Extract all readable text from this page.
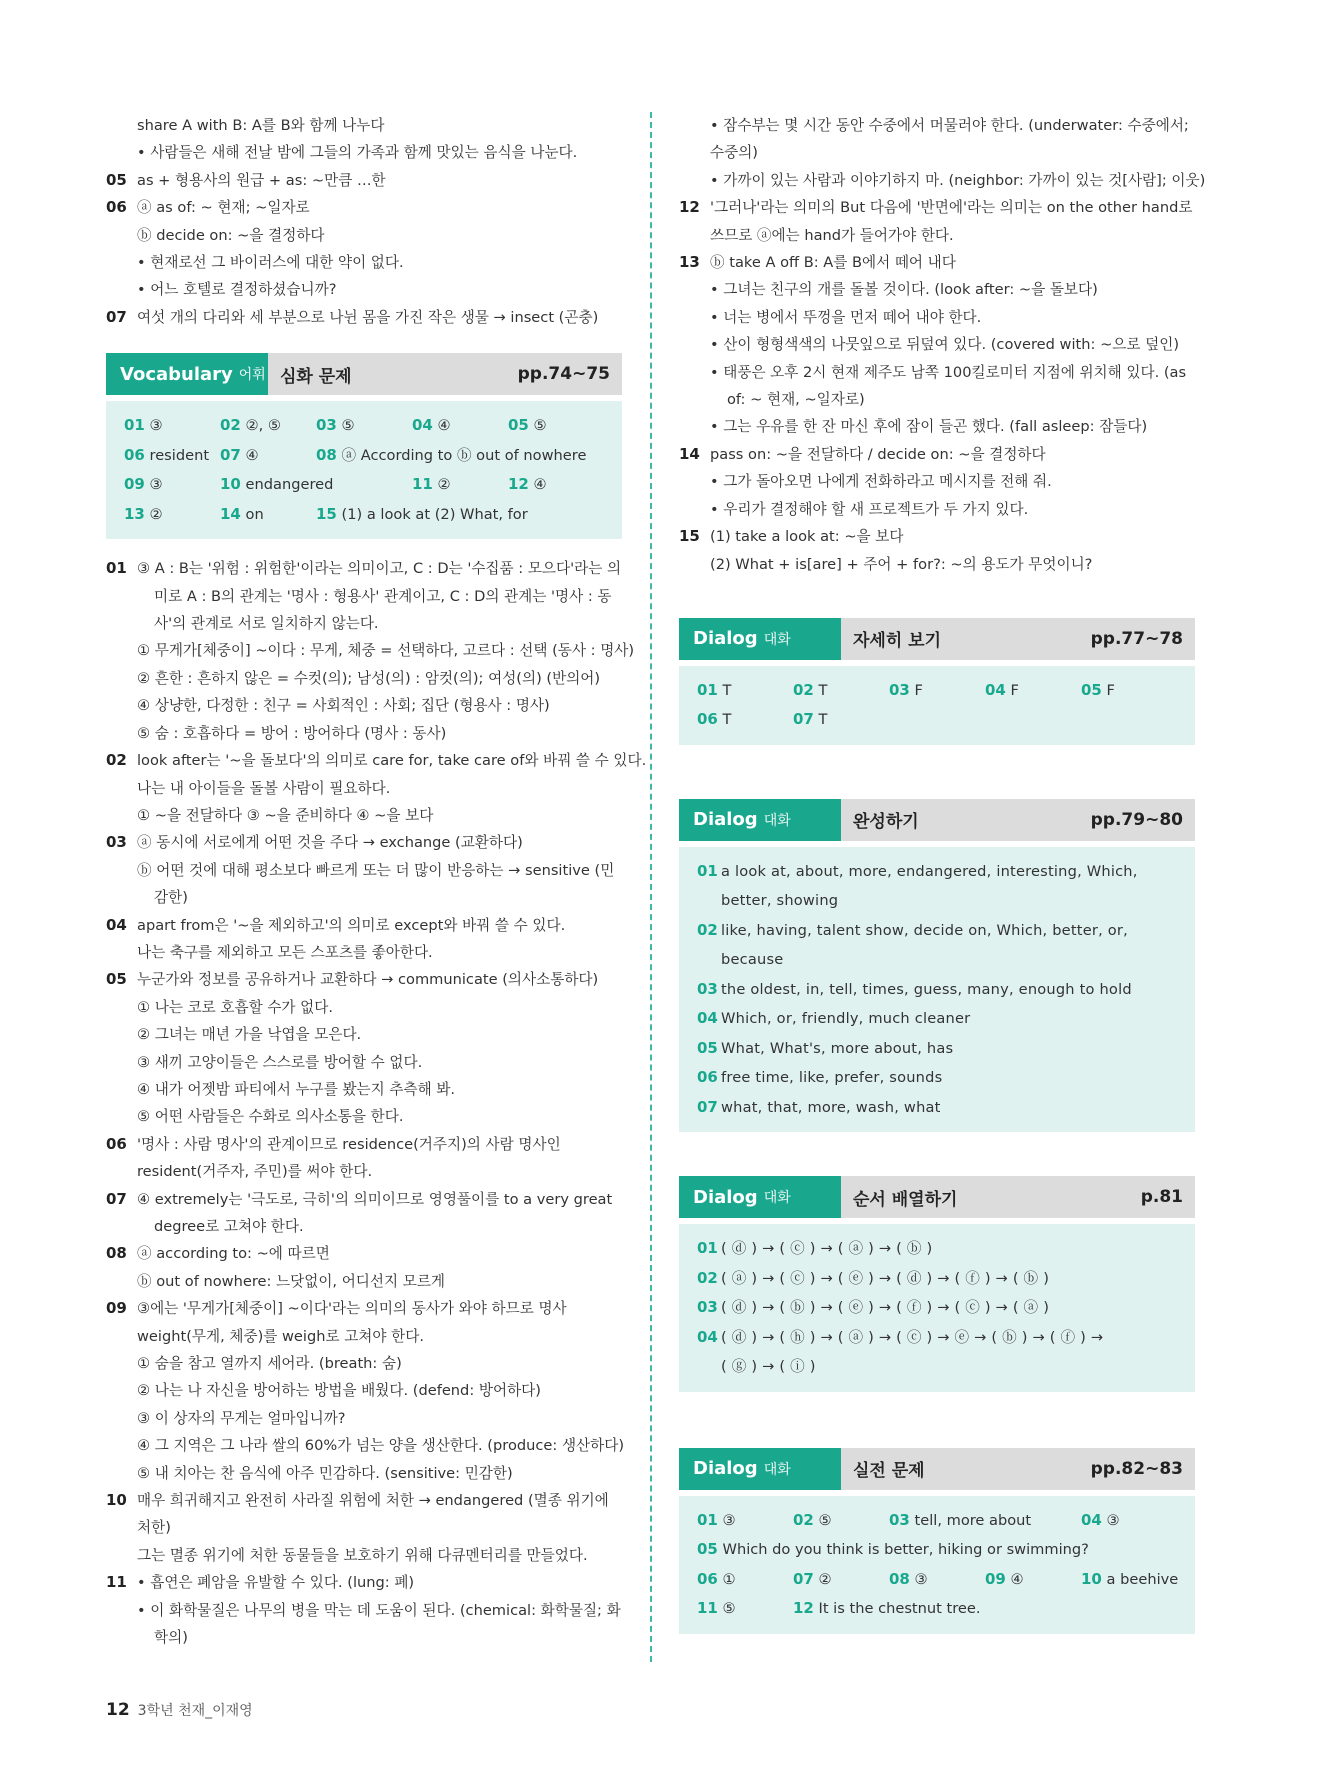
share A with B: A를 B와 함께 나누다
• 사람들은 새해 전날 밤에 그들의 가족과 함께 맛있는 음식을 나눈다.
05 as + 형용사의 원급 + as: ~만큼 …한
06 ⓐ as of: ~ 현재; ~일자로
ⓑ decide on: ~을 결정하다
• 현재로선 그 바이러스에 대한 약이 없다.
• 어느 호텔로 결정하셨습니까?
07 여섯 개의 다리와 세 부분으로 나뉜 몸을 가진 작은 생물 → insect (곤충)
Vocabulary 어휘 심화 문제	pp.74~75
01 ③	02 ②, ⑤ 03 ⑤	04 ④	05 ⑤
06 resident 07 ④	08 ⓐ According to ⓑ out of nowhere
09 ③	10 endangered	11 ②	12 ④
13 ②	14 on	15 (1) a look at (2) What, for
01 ③ A : B는 '위험 : 위험한'이라는 의미이고, C : D는 '수집품 : 모으다'라는 의
미로 A : B의 관계는 '명사 : 형용사' 관계이고, C : D의 관계는 '명사 : 동
사'의 관계로 서로 일치하지 않는다.
① 무게가[체중이] ~이다 : 무게, 체중 = 선택하다, 고르다 : 선택 (동사 : 명사)
② 흔한 : 흔하지 않은 = 수컷(의); 남성(의) : 암컷(의); 여성(의) (반의어)
④ 상냥한, 다정한 : 친구 = 사회적인 : 사회; 집단 (형용사 : 명사)
⑤ 숨 : 호흡하다 = 방어 : 방어하다 (명사 : 동사)
02 look after는 '~을 돌보다'의 의미로 care for, take care of와 바꿔 쓸 수 있다.
나는 내 아이들을 돌볼 사람이 필요하다.
① ~을 전달하다 ③ ~을 준비하다 ④ ~을 보다
03 ⓐ 동시에 서로에게 어떤 것을 주다 → exchange (교환하다)
ⓑ 어떤 것에 대해 평소보다 빠르게 또는 더 많이 반응하는 → sensitive (민
감한)
04 apart from은 '~을 제외하고'의 의미로 except와 바꿔 쓸 수 있다.
나는 축구를 제외하고 모든 스포츠를 좋아한다.
05 누군가와 정보를 공유하거나 교환하다 → communicate (의사소통하다)
① 나는 코로 호흡할 수가 없다.
② 그녀는 매년 가을 낙엽을 모은다.
③ 새끼 고양이들은 스스로를 방어할 수 없다.
④ 내가 어젯밤 파티에서 누구를 봤는지 추측해 봐.
⑤ 어떤 사람들은 수화로 의사소통을 한다.
06 '명사 : 사람 명사'의 관계이므로 residence(거주지)의 사람 명사인
resident(거주자, 주민)를 써야 한다.
07 ④ extremely는 '극도로, 극히'의 의미이므로 영영풀이를 to a very great
degree로 고쳐야 한다.
08 ⓐ according to: ~에 따르면
ⓑ out of nowhere: 느닷없이, 어디선지 모르게
09 ③에는 '무게가[체중이] ~이다'라는 의미의 동사가 와야 하므로 명사
weight(무게, 체중)를 weigh로 고쳐야 한다.
① 숨을 참고 열까지 세어라. (breath: 숨)
② 나는 나 자신을 방어하는 방법을 배웠다. (defend: 방어하다)
③ 이 상자의 무게는 얼마입니까?
④ 그 지역은 그 나라 쌀의 60%가 넘는 양을 생산한다. (produce: 생산하다)
⑤ 내 치아는 찬 음식에 아주 민감하다. (sensitive: 민감한)
10 매우 희귀해지고 완전히 사라질 위험에 처한 → endangered (멸종 위기에
처한)
그는 멸종 위기에 처한 동물들을 보호하기 위해 다큐멘터리를 만들었다.
11 • 흡연은 폐암을 유발할 수 있다. (lung: 폐)
• 이 화학물질은 나무의 병을 막는 데 도움이 된다. (chemical: 화학물질; 화
학의)
• 잠수부는 몇 시간 동안 수중에서 머물러야 한다. (underwater: 수중에서;
수중의)
• 가까이 있는 사람과 이야기하지 마. (neighbor: 가까이 있는 것[사람]; 이웃)
12 '그러나'라는 의미의 But 다음에 '반면에'라는 의미는 on the other hand로
쓰므로 ⓐ에는 hand가 들어가야 한다.
13 ⓑ take A off B: A를 B에서 떼어 내다
• 그녀는 친구의 개를 돌볼 것이다. (look after: ~을 돌보다)
• 너는 병에서 뚜껑을 먼저 떼어 내야 한다.
• 산이 형형색색의 나뭇잎으로 뒤덮여 있다. (covered with: ~으로 덮인)
• 태풍은 오후 2시 현재 제주도 남쪽 100킬로미터 지점에 위치해 있다. (as
of: ~ 현재, ~일자로)
• 그는 우유를 한 잔 마신 후에 잠이 들곤 했다. (fall asleep: 잠들다)
14 pass on: ~을 전달하다 / decide on: ~을 결정하다
• 그가 돌아오면 나에게 전화하라고 메시지를 전해 줘.
• 우리가 결정해야 할 새 프로젝트가 두 가지 있다.
15 (1) take a look at: ~을 보다
(2) What + is[are] + 주어 + for?: ~의 용도가 무엇이니?
Dialog 대화	자세히 보기	pp.77~78
01 T	02 T	03 F	04 F	05 F
06 T	07 T
Dialog 대화	완성하기	pp.79~80
01 a look at, about, more, endangered, interesting, Which,
better, showing
02 like, having, talent show, decide on, Which, better, or,
because
03 the oldest, in, tell, times, guess, many, enough to hold
04 Which, or, friendly, much cleaner
05 What, What's, more about, has
06 free time, like, prefer, sounds
07 what, that, more, wash, what
Dialog 대화	순서 배열하기	p.81
01 ( ⓓ ) → ( ⓒ ) → ( ⓐ ) → ( ⓑ )
02 ( ⓐ ) → ( ⓒ ) → ( ⓔ ) → ( ⓓ ) → ( ⓕ ) → ( ⓑ )
03 ( ⓓ ) → ( ⓑ ) → ( ⓔ ) → ( ⓕ ) → ( ⓒ ) → ( ⓐ )
04 ( ⓓ ) → ( ⓗ ) → ( ⓐ ) → ( ⓒ ) → ⓔ → ( ⓑ ) → ( ⓕ ) →
( ⓖ ) → ( ⓘ )
Dialog 대화	실전 문제	pp.82~83
01 ③	02 ⑤	03 tell, more about	04 ③
05 Which do you think is better, hiking or swimming?
06 ①	07 ②	08 ③	09 ④	10 a beehive
11 ⑤	12 It is the chestnut tree.
12 3학년 천재_이재영
